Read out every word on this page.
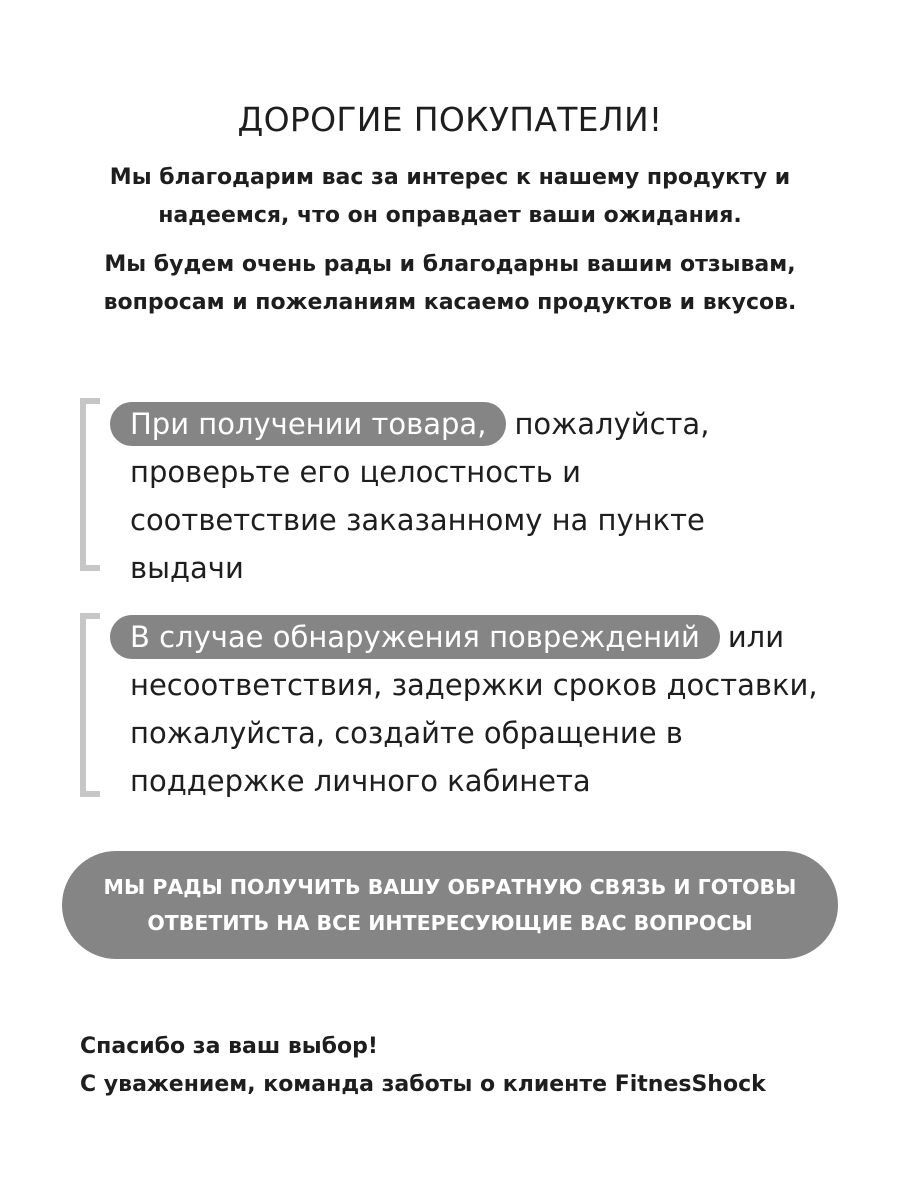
ДОРОГИЕ ПОКУПАТЕЛИ!
Мы благодарим вас за интерес к нашему продукту и
надеемся, что он оправдает ваши ожидания.
Мы будем очень рады и благодарны вашим отзывам,
вопросам и пожеланиям касаемо продуктов и вкусов.
При получении товара, пожалуйста,
проверьте его целостность и
соответствие заказанному на пункте
выдачи
В случае обнаружения повреждений или
несоответствия, задержки сроков доставки,
пожалуйста, создайте обращение в
поддержке личного кабинета
МЫ РАДЫ ПОЛУЧИТЬ ВАШУ ОБРАТНУЮ СВЯЗЬ И ГОТОВЫ
ОТВЕТИТЬ НА ВСЕ ИНТЕРЕСУЮЩИЕ ВАС ВОПРОСЫ
Спасибо за ваш выбор!
С уважением, команда заботы о клиенте FitnesShock
